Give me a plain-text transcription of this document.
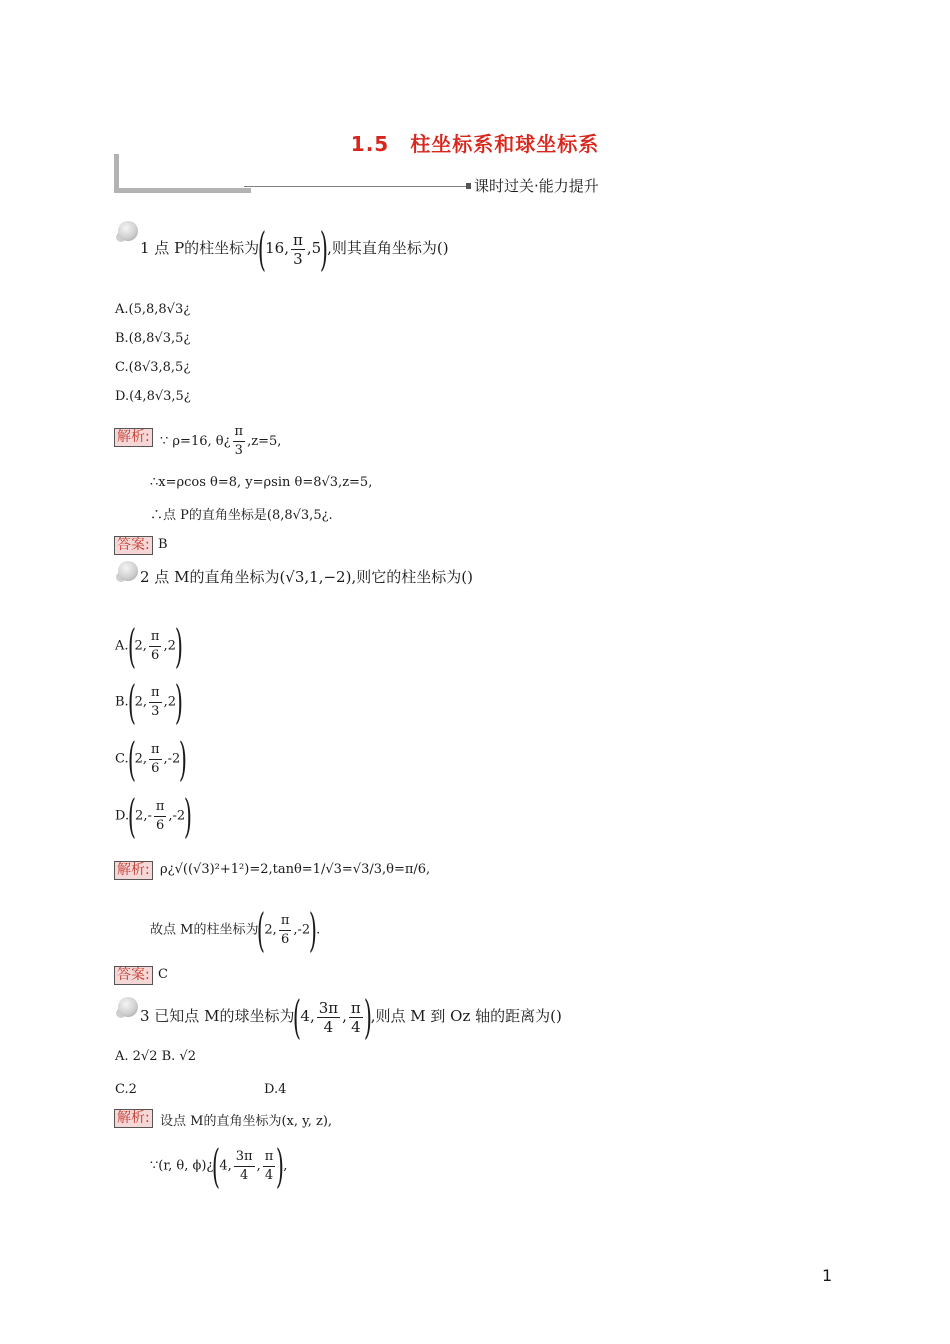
1.5　柱坐标系和球坐标系
课时过关·能力提升
1 点 P的柱坐标为(16, $\frac{\pi}{3} ,5$),则其直角坐标为()
A.(5,8,8√3¿
B.(8,8√3,5¿
C.(8√3,8,5¿
D.(4,8√3,5¿
解析: ∵ ρ=16, θ¿ $\frac{\pi}{3} ,z=5$,
∴x=ρcos θ=8, y=ρsin θ=8√3,z=5,
∴点 P的直角坐标是(8,8√3,5¿.
答案: B
2 点 M的直角坐标为(√3,1,−2),则它的柱坐标为()
A.(2, $\frac{\pi}{6} ,2$)
B.(2, $\frac{\pi}{3} ,2$)
C.(2, $\frac{\pi}{6} ,-2$)
$D.(2,- \frac{\pi}{6} ,-2)$
解析: ρ¿√((√3)²+1²)=2,tanθ=1/√3=√3/3,θ=π/6,
故点 M的柱坐标为(2, $\frac{\pi}{6} ,-2$).
答案: C
3 已知点 M的球坐标为(4, $\frac{3\pi}{4}$ , $\frac{\pi}{4}$ ),则点 M 到 Oz 轴的距离为()
A. 2√2 B. √2
C.2	D.4
解析: 设点 M的直角坐标为(x, y, z),
∵(r, θ, ϕ)¿(4, $\frac{3\pi}{4}$ , $\frac{\pi}{4}$ ),
1
